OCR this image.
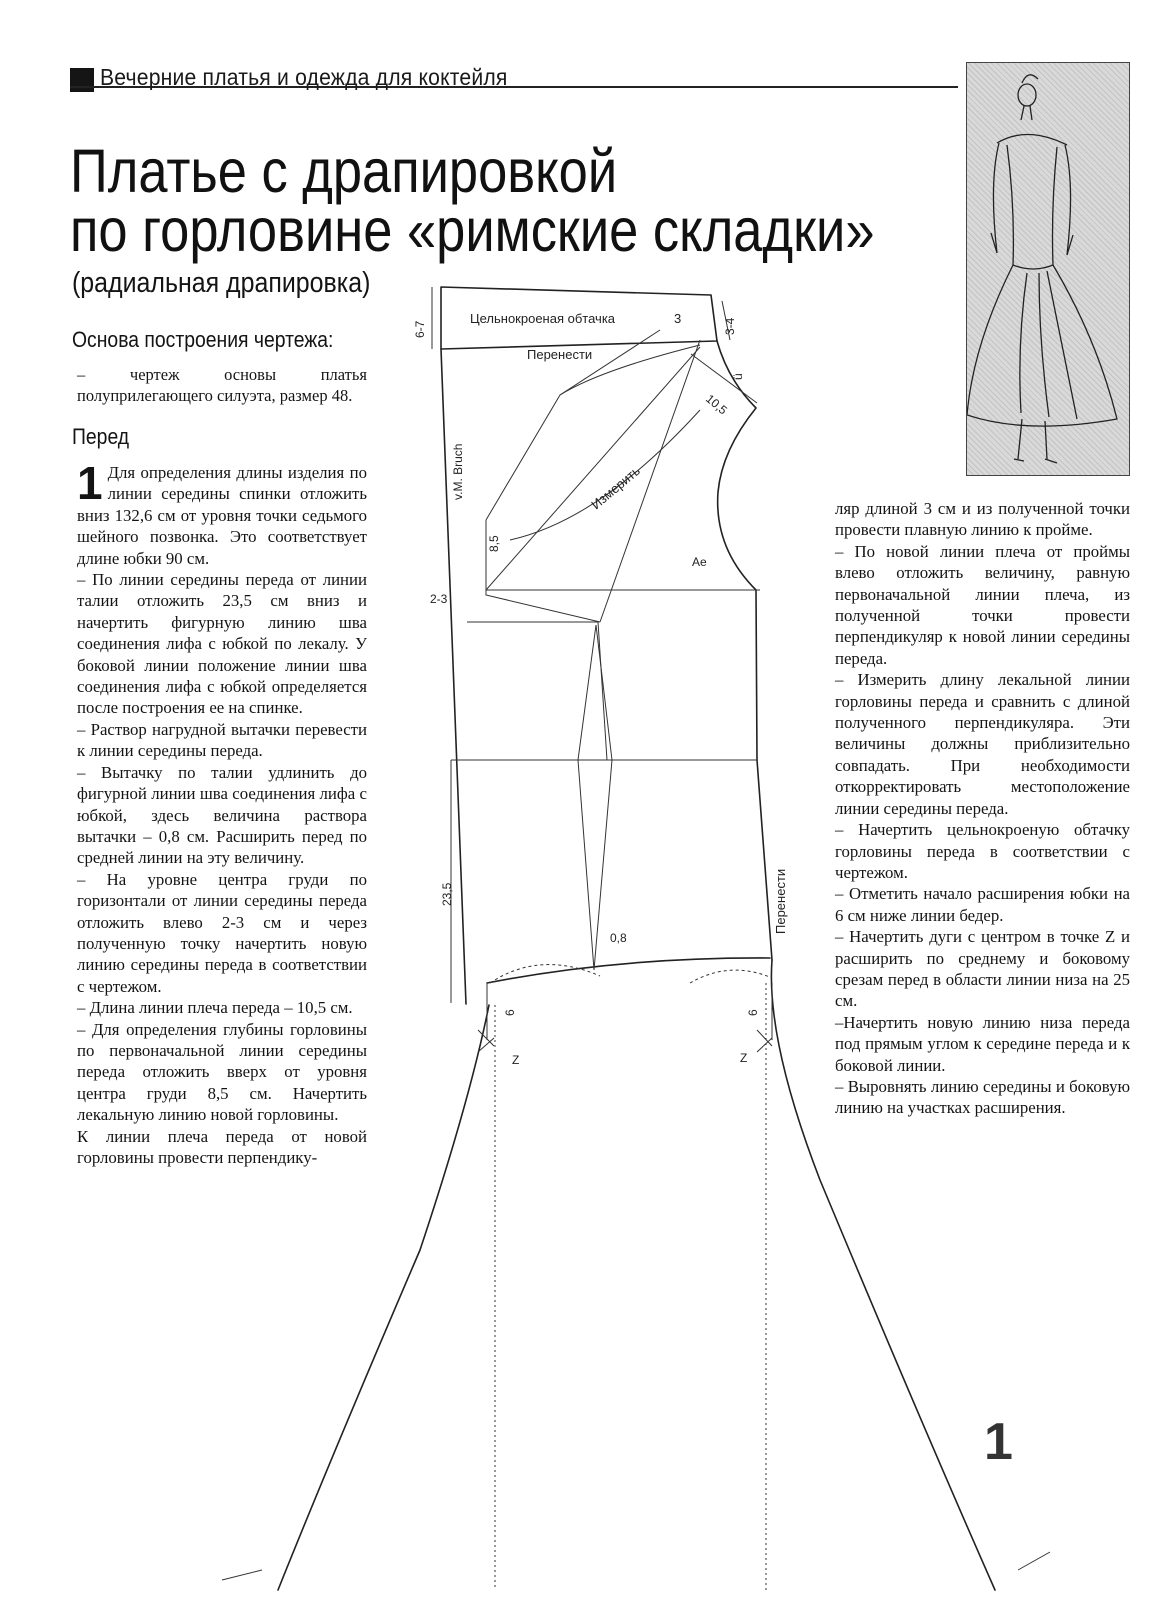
Вечерние платья и одежда для коктейля
Платье с драпировкой
по горловине «римские складки»
(радиальная драпировка)
Основа построения чертежа:
– чертеж основы платья полуприлегающего силуэта, размер 48.
Перед

1 Для определения длины изделия по линии середины спинки отложить вниз 132,6 см от уровня точки седьмого шейного позвонка. Это соответствует длине юбки 90 см.

– По линии середины переда от линии талии отложить 23,5 см вниз и начертить фигурную линию шва соединения лифа с юбкой по лекалу. У боковой линии положение линии шва соединения лифа с юбкой определяется после построения ее на спинке.

– Раствор нагрудной вытачки перевести к линии середины переда.

– Вытачку по талии удлинить до фигурной линии шва соединения лифа с юбкой, здесь величина раствора вытачки – 0,8 см. Расширить перед по средней линии на эту величину.

– На уровне центра груди по горизонтали от линии середины переда отложить влево 2-3 см и через полученную точку начертить новую линию середины переда в соответствии с чертежом.

– Длина линии плеча переда – 10,5 см.

– Для определения глубины горловины по первоначальной линии середины переда отложить вверх от уровня центра груди 8,5 см. Начертить лекальную линию новой горловины.

К линии плеча переда от новой горловины провести перпендику-

ляр длиной 3 см и из полученной точки провести плавную линию к пройме.

– По новой линии плеча от проймы влево отложить величину, равную первоначальной линии плеча, из полученной точки провести перпендикуляр к новой линии середины переда.

– Измерить длину лекальной линии горловины переда и сравнить с длиной полученного перпендикуляра. Эти величины должны приблизительно совпадать. При необходимости откорректировать местоположение линии середины переда.

– Начертить цельнокроеную обтачку горловины переда в соответствии с чертежом.

– Отметить начало расширения юбки на 6 см ниже линии бедер.

– Начертить дуги с центром в точке Z и расширить по среднему и боковому срезам перед в области линии низа на 25 см.

–Начертить новую линию низа переда под прямым углом к середине переда и к боковой линии.

– Выровнять линию середины и боковую линию на участках расширения.

Цельнокроеная обтачка
Перенести
3
Измерить
v.M. Bruch
6-7	3-4
10,5
ü
8,5
Ae
2-3
23,5
0,8
Перенести
6	6
Z	Z
1
